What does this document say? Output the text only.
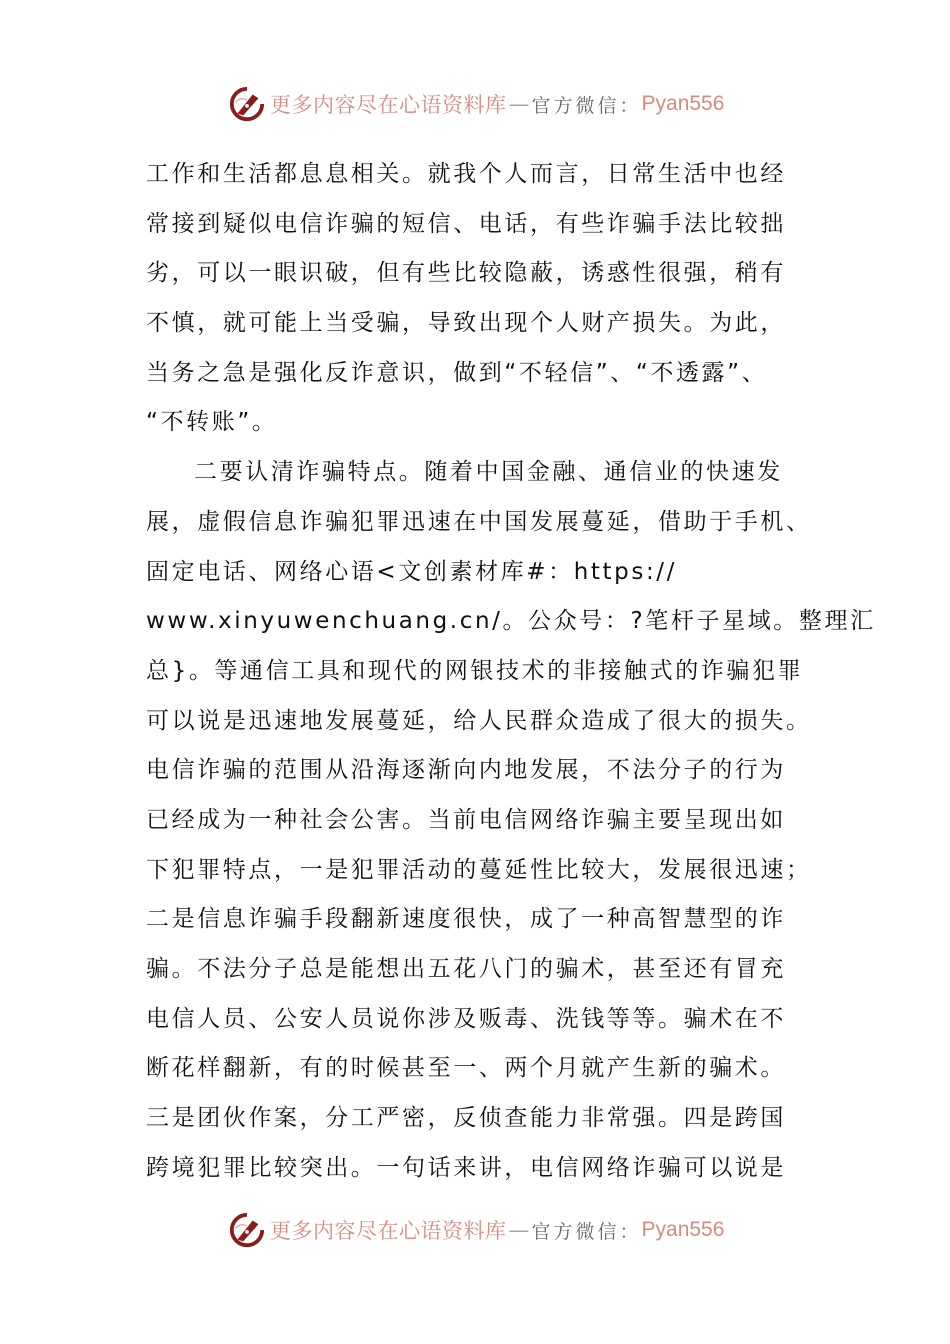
更多内容尽在心语资料库 — 官方微信： Pyan556
工作和生活都息息相关。就我个人而言，日常生活中也经
常接到疑似电信诈骗的短信、电话，有些诈骗手法比较拙
劣，可以一眼识破，但有些比较隐蔽，诱惑性很强，稍有
不慎，就可能上当受骗，导致出现个人财产损失。为此，
当务之急是强化反诈意识，做到“不轻信”、“不透露”、
“不转账”。
二要认清诈骗特点。随着中国金融、通信业的快速发
展，虚假信息诈骗犯罪迅速在中国发展蔓延，借助于手机、
固定电话、网络心语<文创素材库#：https://
www.xinyuwenchuang.cn/。公众号：?笔杆子星域。整理汇
总}。等通信工具和现代的网银技术的非接触式的诈骗犯罪
可以说是迅速地发展蔓延，给人民群众造成了很大的损失。
电信诈骗的范围从沿海逐渐向内地发展，不法分子的行为
已经成为一种社会公害。当前电信网络诈骗主要呈现出如
下犯罪特点，一是犯罪活动的蔓延性比较大，发展很迅速；
二是信息诈骗手段翻新速度很快，成了一种高智慧型的诈
骗。不法分子总是能想出五花八门的骗术，甚至还有冒充
电信人员、公安人员说你涉及贩毒、洗钱等等。骗术在不
断花样翻新，有的时候甚至一、两个月就产生新的骗术。
三是团伙作案，分工严密，反侦查能力非常强。四是跨国
跨境犯罪比较突出。一句话来讲，电信网络诈骗可以说是
更多内容尽在心语资料库 — 官方微信： Pyan556
